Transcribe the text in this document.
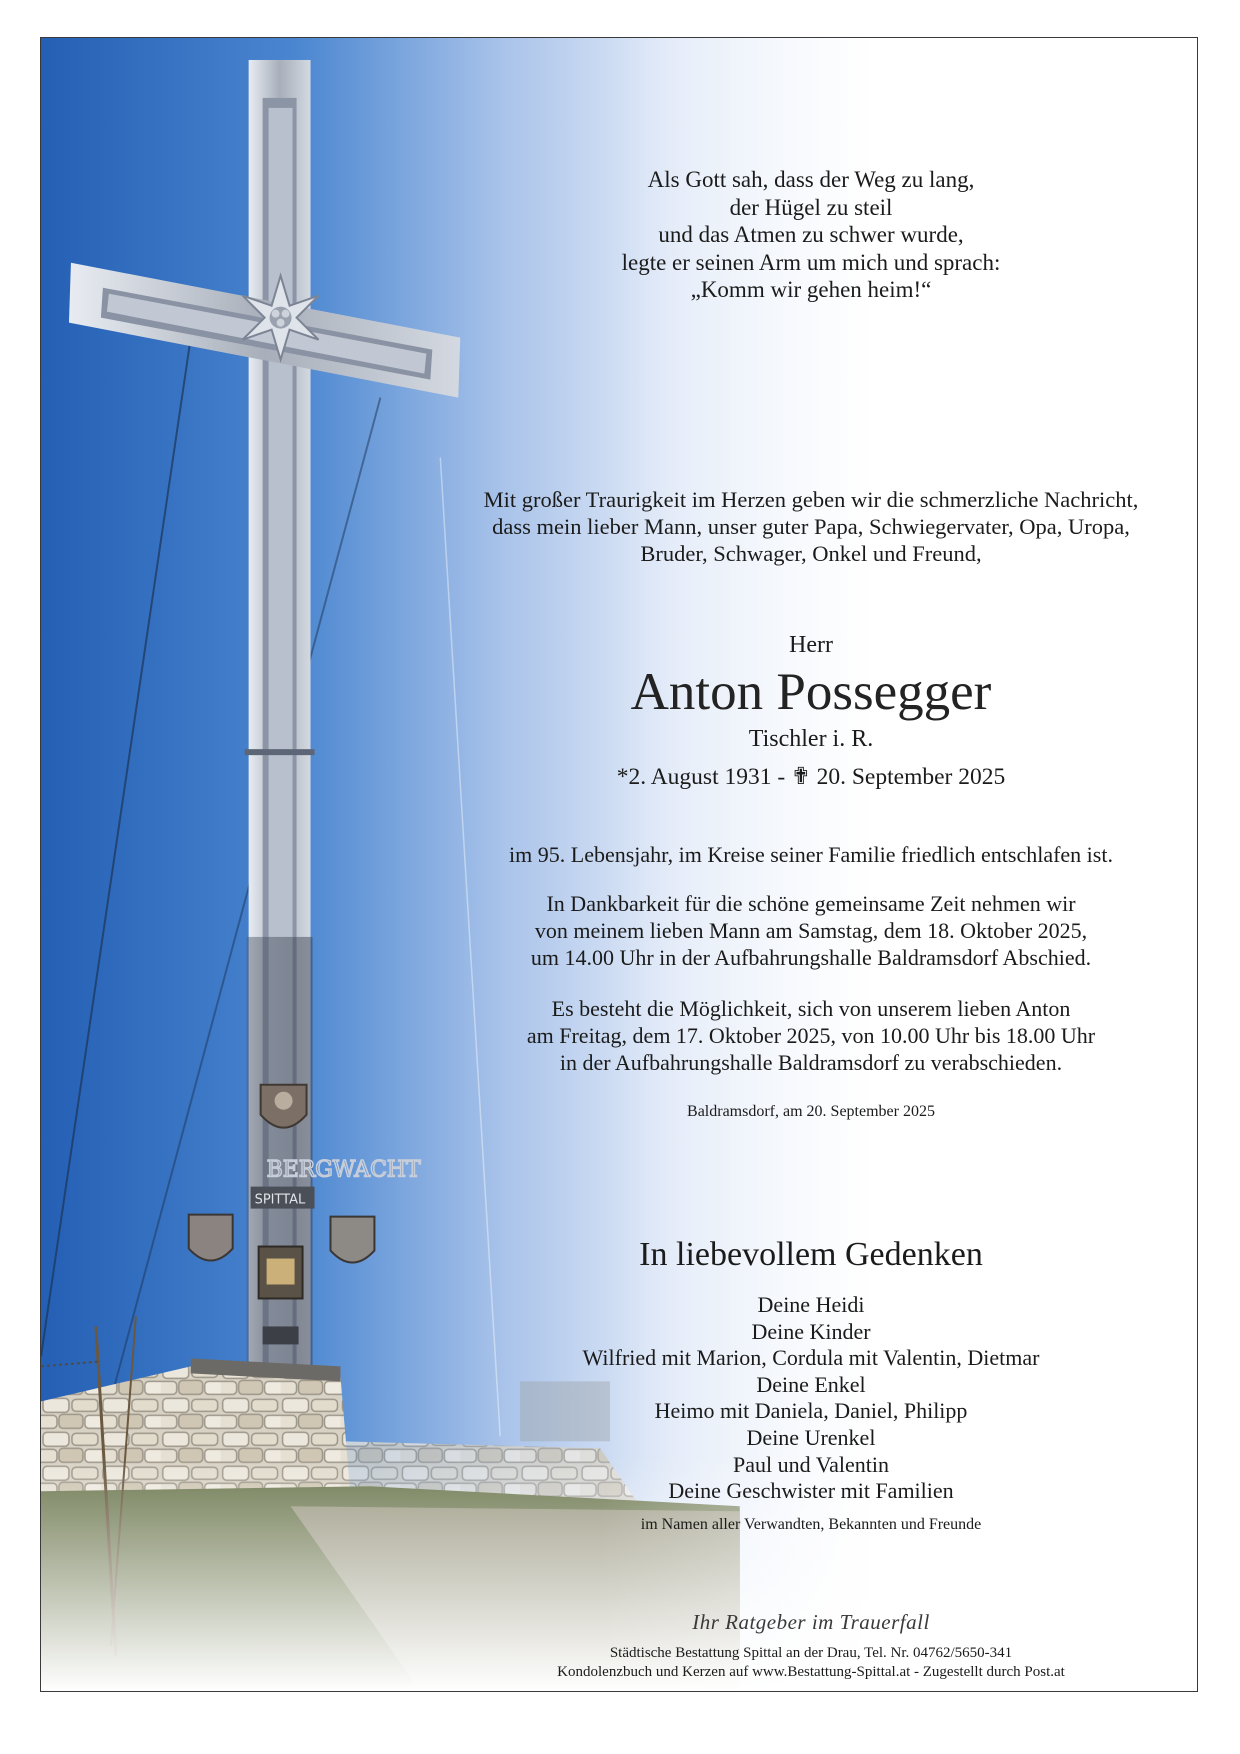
BERGWACHT
SPITTAL

Als Gott sah, dass der Weg zu lang,

der Hügel zu steil

und das Atmen zu schwer wurde,

legte er seinen Arm um mich und sprach:

„Komm wir gehen heim!“

Mit großer Traurigkeit im Herzen geben wir die schmerzliche Nachricht,

dass mein lieber Mann, unser guter Papa, Schwiegervater, Opa, Uropa,

Bruder, Schwager, Onkel und Freund,

Herr
Anton Possegger
Tischler i. R.
*2. August 1931 - ✟ 20. September 2025
im 95. Lebensjahr, im Kreise seiner Familie friedlich entschlafen ist.

In Dankbarkeit für die schöne gemeinsame Zeit nehmen wir

von meinem lieben Mann am Samstag, dem 18. Oktober 2025,

um 14.00 Uhr in der Aufbahrungshalle Baldramsdorf Abschied.

Es besteht die Möglichkeit, sich von unserem lieben Anton

am Freitag, dem 17. Oktober 2025, von 10.00 Uhr bis 18.00 Uhr

in der Aufbahrungshalle Baldramsdorf zu verabschieden.

Baldramsdorf, am 20. September 2025
In liebevollem Gedenken

Deine Heidi

Deine Kinder

Wilfried mit Marion, Cordula mit Valentin, Dietmar

Deine Enkel

Heimo mit Daniela, Daniel, Philipp

Deine Urenkel

Paul und Valentin

Deine Geschwister mit Familien

im Namen aller Verwandten, Bekannten und Freunde
Ihr Ratgeber im Trauerfall

Städtische Bestattung Spittal an der Drau, Tel. Nr. 04762/5650-341

Kondolenzbuch und Kerzen auf www.Bestattung-Spittal.at - Zugestellt durch Post.at
